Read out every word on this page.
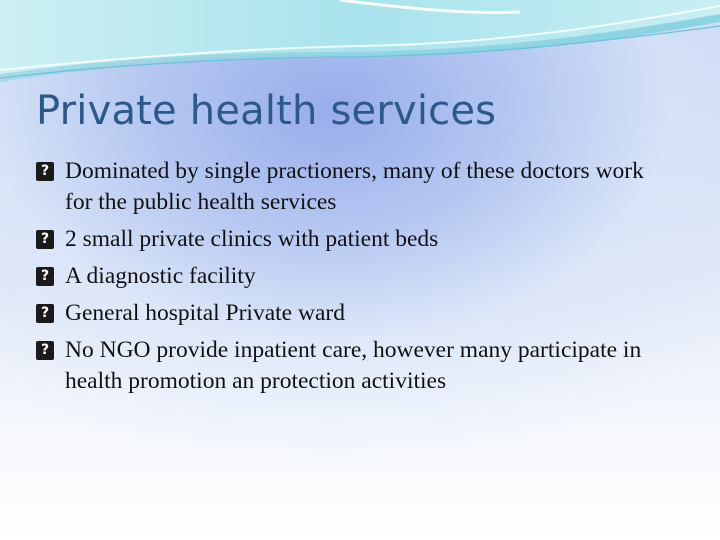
Private health services
?
Dominated by single practioners, many of these doctors work for the public health services
?
2 small private clinics with patient beds
?
A diagnostic facility
?
General hospital Private ward
?
No NGO provide inpatient care, however many participate in health promotion an protection activities
